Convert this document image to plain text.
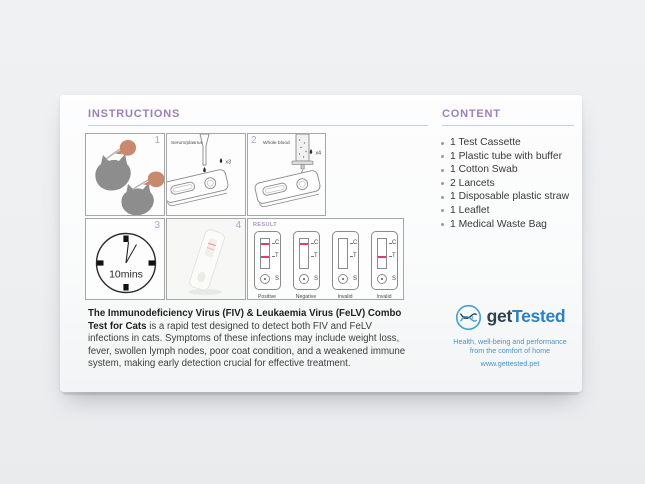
INSTRUCTIONS	CONTENT
1 Serum/plasma
x3
Whole blood
x4
2
10mins
3	4 RESULT
C
T
S
Positive
C
T
S
Negative
C
T
S
Invalid
C
T
S
Invalid

The Immunodeficiency Virus (FIV) & Leukaemia Virus (FeLV) Combo Test for Cats is a rapid test designed to detect both FIV and FeLV infections in cats. Symptoms of these infections may include weight loss, fever, swollen lymph nodes, poor coat condition, and a weakened immune system, making early detection crucial for effective treatment.

1 Test Cassette
1 Plastic tube with buffer
1 Cotton Swab
2 Lancets
1 Disposable plastic straw
1 Leaflet
1 Medical Waste Bag
getTested
Health, well-being and performance
from the comfort of home
www.gettested.pet
